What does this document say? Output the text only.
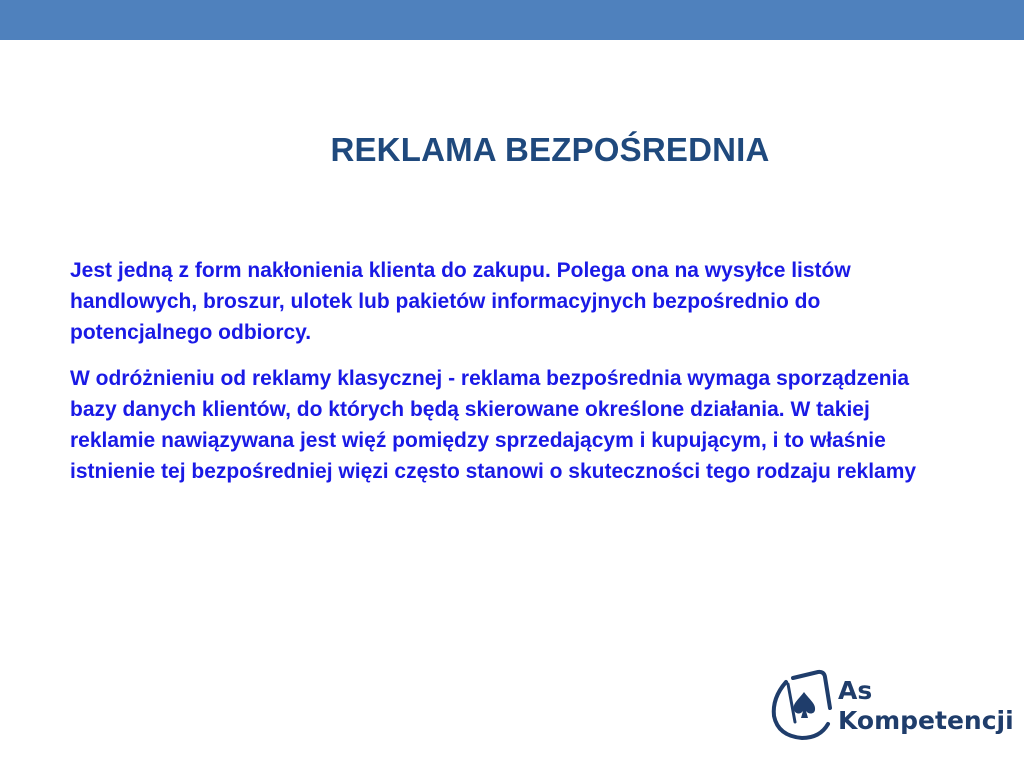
REKLAMA BEZPOŚREDNIA

Jest jedną z form nakłonienia klienta do zakupu. Polega ona na wysyłce listów handlowych, broszur, ulotek lub pakietów informacyjnych bezpośrednio do potencjalnego odbiorcy.

W odróżnieniu od reklamy klasycznej - reklama bezpośrednia wymaga sporządzenia bazy danych klientów, do których będą skierowane określone działania. W takiej reklamie nawiązywana jest więź pomiędzy sprzedającym i kupującym, i to właśnie istnienie tej bezpośredniej więzi często stanowi o skuteczności tego rodzaju reklamy

As
Kompetencji
